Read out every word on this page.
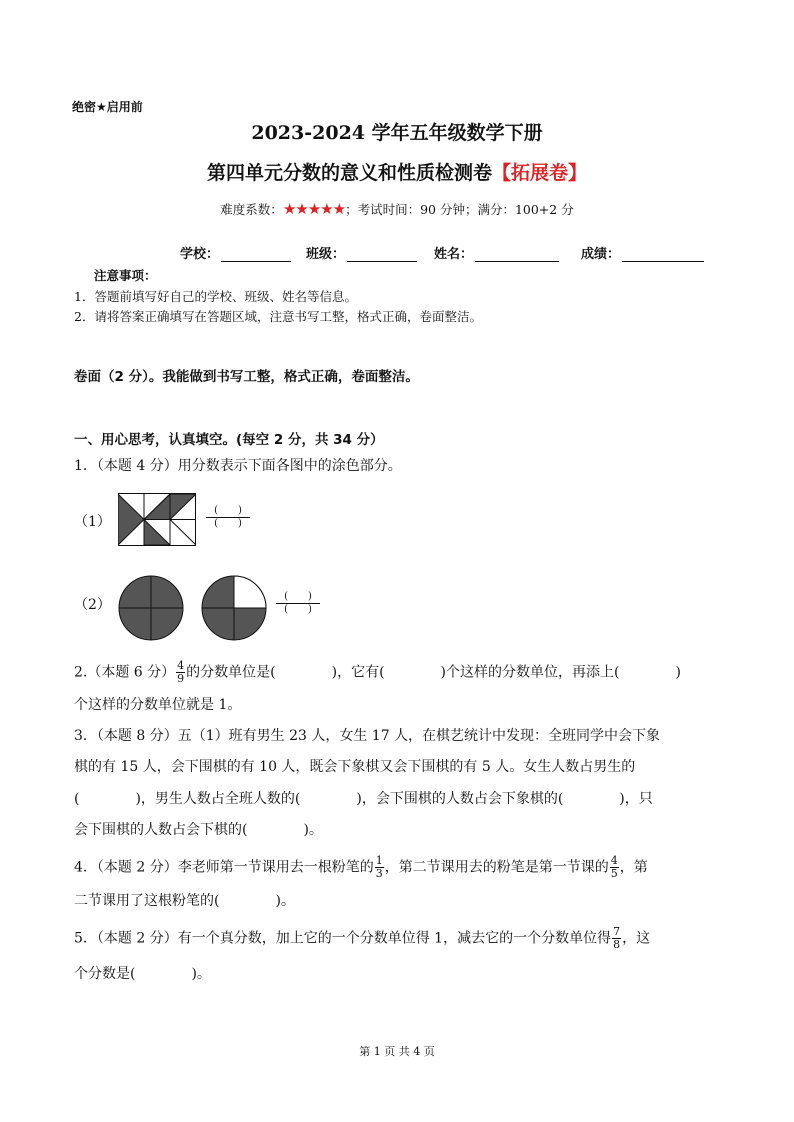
绝密★启用前
2023-2024 学年五年级数学下册
第四单元分数的意义和性质检测卷【拓展卷】
难度系数：★★★★★；考试时间：90 分钟；满分：100+2 分
学校：	班级：	姓名：	成绩：
注意事项：
1．答题前填写好自己的学校、班级、姓名等信息。
2．请将答案正确填写在答题区域，注意书写工整，格式正确，卷面整洁。
卷面（2 分）。我能做到书写工整，格式正确，卷面整洁。
一、用心思考，认真填空。(每空 2 分，共 34 分）
1．（本题 4 分）用分数表示下面各图中的涂色部分。
（1）
(　　)
(　　)
（2）
(　　)
(　　)
2.（本题 6 分） $\frac{4}{9}$ 的分数单位是(　　　　)，它有(　　　　)个这样的分数单位，再添上(　　　　)
个这样的分数单位就是 1。
3．（本题 8 分）五（1）班有男生 23 人，女生 17 人，在棋艺统计中发现：全班同学中会下象
棋的有 15 人，会下围棋的有 10 人，既会下象棋又会下围棋的有 5 人。女生人数占男生的
(　　　　)，男生人数占全班人数的(　　　　)，会下围棋的人数占会下象棋的(　　　　)，只
会下围棋的人数占会下棋的(　　　　)。
4．（本题 2 分）李老师第一节课用去一根粉笔的 $\frac{1}{3}$ ，第二节课用去的粉笔是第一节课的 $\frac{4}{5}$ ，第
二节课用了这根粉笔的(　　　　)。
5．（本题 2 分）有一个真分数，加上它的一个分数单位得 1，减去它的一个分数单位得 $\frac{7}{8}$ ，这
个分数是(　　　　)。
第 1 页 共 4 页
